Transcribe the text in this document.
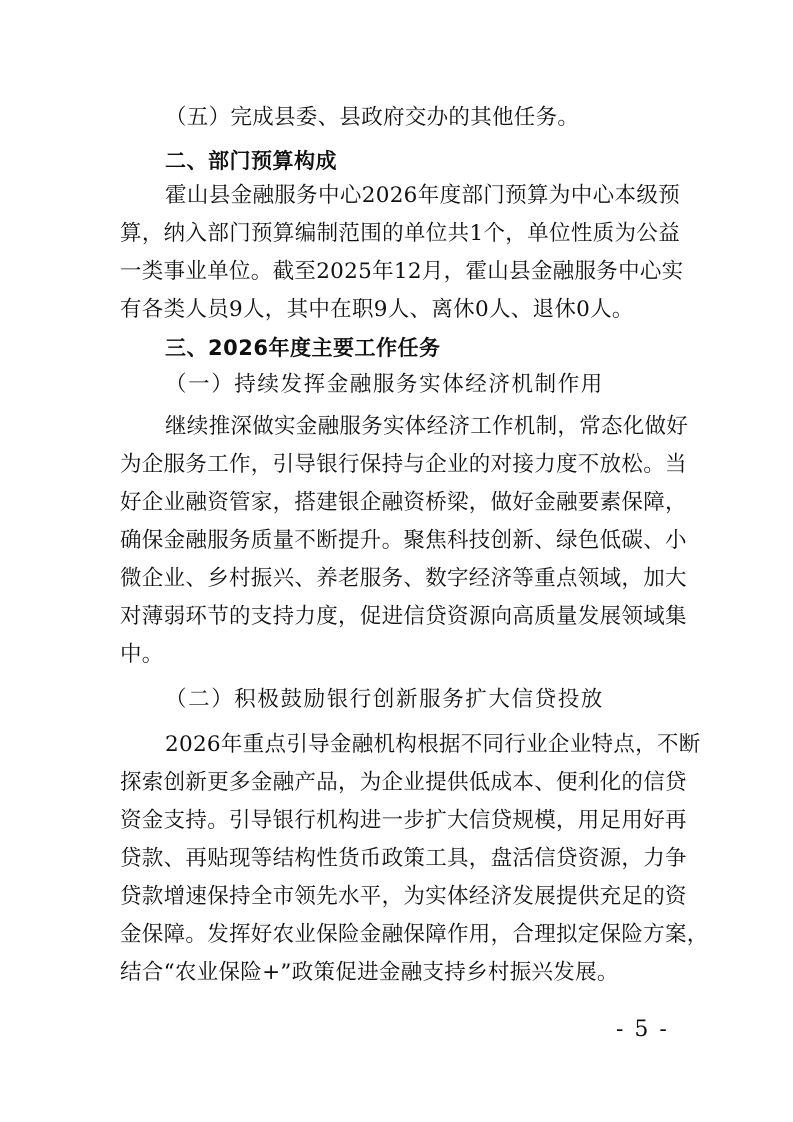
（五）完成县委、县政府交办的其他任务。
二、部门预算构成
霍山县金融服务中心2026年度部门预算为中心本级预
算，纳入部门预算编制范围的单位共1个，单位性质为公益
一类事业单位。截至2025年12月，霍山县金融服务中心实
有各类人员9人，其中在职9人、离休0人、退休0人。
三、2026年度主要工作任务
（一）持续发挥金融服务实体经济机制作用
继续推深做实金融服务实体经济工作机制，常态化做好
为企服务工作，引导银行保持与企业的对接力度不放松。当
好企业融资管家，搭建银企融资桥梁，做好金融要素保障，
确保金融服务质量不断提升。聚焦科技创新、绿色低碳、小
微企业、乡村振兴、养老服务、数字经济等重点领域，加大
对薄弱环节的支持力度，促进信贷资源向高质量发展领域集
中。
（二）积极鼓励银行创新服务扩大信贷投放
2026年重点引导金融机构根据不同行业企业特点，不断
探索创新更多金融产品，为企业提供低成本、便利化的信贷
资金支持。引导银行机构进一步扩大信贷规模，用足用好再
贷款、再贴现等结构性货币政策工具，盘活信贷资源，力争
贷款增速保持全市领先水平，为实体经济发展提供充足的资
金保障。发挥好农业保险金融保障作用，合理拟定保险方案，
结合“农业保险+”政策促进金融支持乡村振兴发展。
- 5 -
